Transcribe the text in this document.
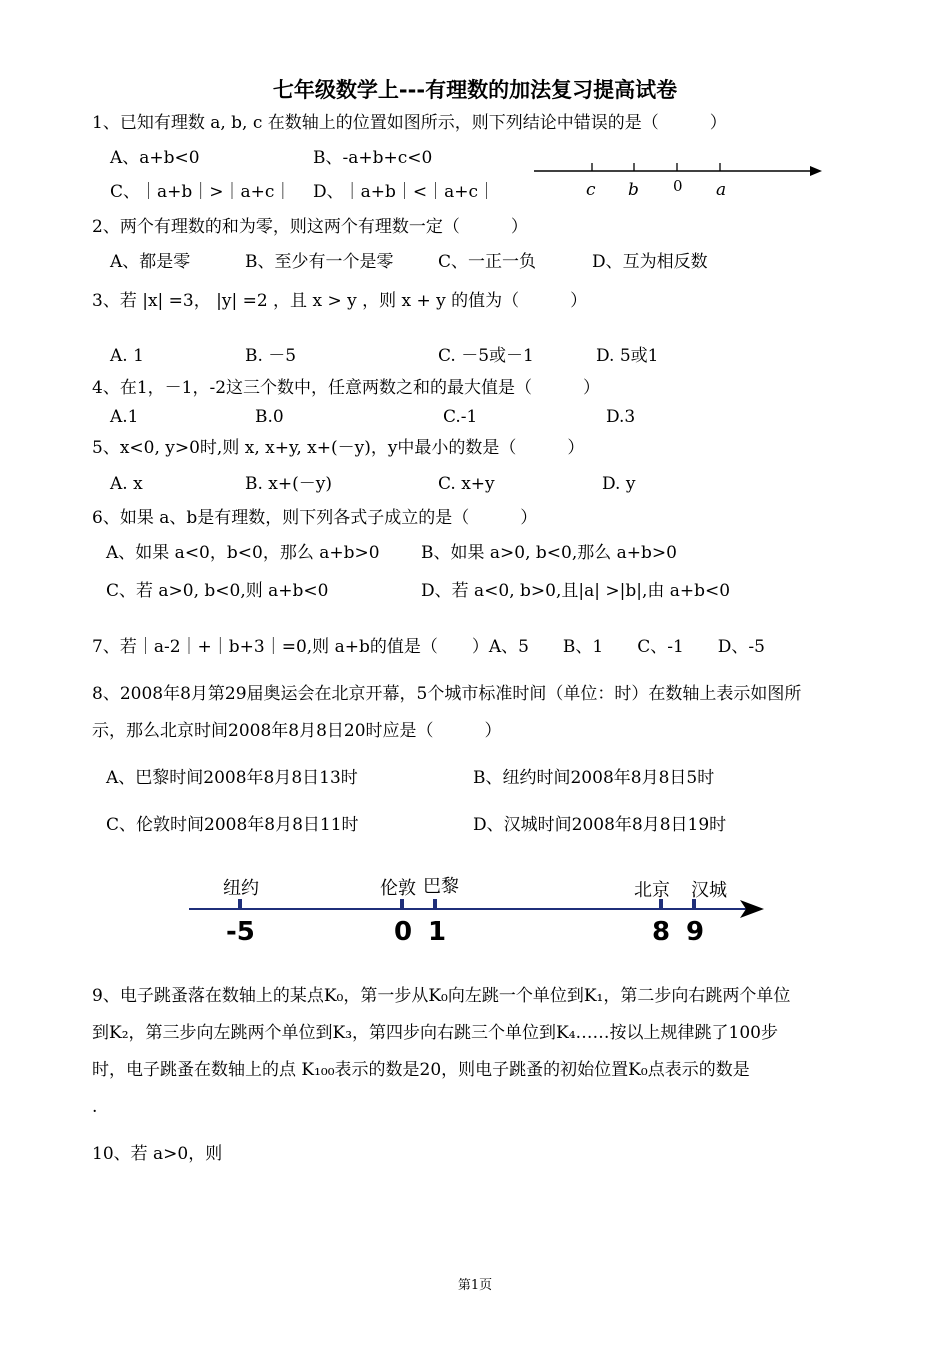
七年级数学上---有理数的加法复习提高试卷
1、已知有理数 a, b, c 在数轴上的位置如图所示，则下列结论中错误的是（　　　）
A、a+b<0	B、-a+b+c<0
C、｜a+b｜>｜a+c｜ D、｜a+b｜<｜a+c｜	c b 0 a
2、两个有理数的和为零，则这两个有理数一定（　　　）
A、都是零	B、至少有一个是零	C、一正一负	D、互为相反数
3、若 |x| =3， |y| =2 ，且 x > y ，则 x + y 的值为（　　　）
A. 1	B. －5	C. －5或－1	D. 5或1
4、在1，－1，-2这三个数中，任意两数之和的最大值是（　　　）
A.1	B.0	C.-1	D.3
5、x<0, y>0时,则 x, x+y, x+(－y)，y中最小的数是（　　　）
A. x	B. x+(－y)	C. x+y	D. y
6、如果 a、b是有理数，则下列各式子成立的是（　　　）
A、如果 a<0，b<0，那么 a+b>0 B、如果 a>0, b<0,那么 a+b>0
C、若 a>0, b<0,则 a+b<0	D、若 a<0, b>0,且|a| >|b|,由 a+b<0
7、若｜a-2｜+｜b+3｜=0,则 a+b的值是（　　）A、5　　B、1　　C、-1　　D、-5
8、2008年8月第29届奥运会在北京开幕，5个城市标准时间（单位：时）在数轴上表示如图所
示，那么北京时间2008年8月8日20时应是（　　　）
A、巴黎时间2008年8月8日13时	B、纽约时间2008年8月8日5时
C、伦敦时间2008年8月8日11时	D、汉城时间2008年8月8日19时
纽约	伦敦 巴黎	北京 汉城
-5	0 1	8 9
9、电子跳蚤落在数轴上的某点K₀，第一步从K₀向左跳一个单位到K₁，第二步向右跳两个单位
到K₂，第三步向左跳两个单位到K₃，第四步向右跳三个单位到K₄……按以上规律跳了100步
时，电子跳蚤在数轴上的点 K₁₀₀表示的数是20，则电子跳蚤的初始位置K₀点表示的数是
.
10、若 a>0，则
第1页
